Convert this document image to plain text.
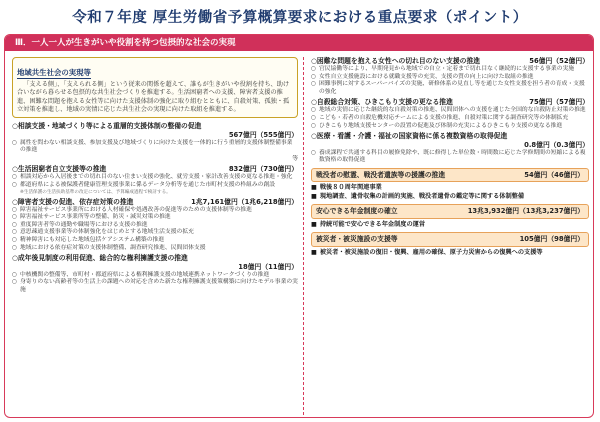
令和７年度 厚生労働省予算概算要求における重点要求（ポイント）
Ⅲ．一人一人が生きがいや役割を持つ包摂的な社会の実現
地域共生社会の実現等
「支える側」、「支えられる側」という従来の関係を超えて、誰もが生きがいや役割を持ち、助け合いながら暮らせる包摂的な共生社会づくりを推進する。生活困窮者への支援、障害者支援の推進、困難な問題を抱える女性等に向けた支援体制の強化に取り組むとともに、自殺対策、孤独・孤立対策を推進し、地域の実情に応じた共生社会の実現に向けた取組を推進する。
○相談支援・地域づくり等による重層的支援体制の整備の促進
567億円（555億円）
○ 属性を問わない相談支援、参加支援及び地域づくりに向けた支援を一体的に行う重層的支援体制整備事業の推進
等
○生活困窮者自立支援等の推進	832億円（730億円）
○ 相談対応から入居後までの切れ目のない住まい支援の強化、就労支援・家計改善支援の更なる推進・強化
○ 都道府県による被保護者健康管理支援事業に係るデータ分析等を通じた市町村支援の枠組みの創設
※生活保護の生活扶助基準の改定については、予算編成過程で検討する。
○障害者支援の促進、依存症対策の推進	1兆7,161億円（1兆6,218億円）
○ 障害福祉サービス事業所における人材確保や処遇改善の促進等のための支援体制等の推進
○ 障害福祉サービス事業所等の整備、防災・減災対策の推進
○ 重度障害者等の通勤や職場等における支援の推進
○ 意思疎通支援事業等の体制強化をはじめとする地域生活支援の拡充
○ 精神障害にも対応した地域包括ケアシステム構築の推進
○ 地域における依存症対策の支援体制整備、調査研究推進、民間団体支援
○成年後見制度の利用促進、総合的な権利擁護支援の推進
18億円（11億円）
○ 中核機関の整備等、市町村・都道府県による権利擁護支援の地域連携ネットワークづくりの推進
○ 身寄りのない高齢者等の生活上の課題への対応を含めた新たな権利擁護支援策構築に向けたモデル事業の実施
○困難な問題を抱える女性への切れ目のない支援の推進	56億円（52億円）
○ 官民協働等により、早期発見から地域での自立・定着まで切れ目なく継続的に支援する事業の実施
○ 女性自立支援施設における就職支援等の充実、支援の質の向上に向けた取組の推進
○ 困難事例に対するスーパーバイズの実施、研修体系の見直し等を通じた女性支援を担う者の育成・支援の強化
○自殺総合対策、ひきこもり支援の更なる推進	75億円（57億円）
○ 地域の実情に応じた継続的な自殺対策の推進、民間団体への支援を通じた全国的な自殺防止対策の推進
○ こども・若者の自殺危機対応チームによる支援の推進、自殺対策に関する調査研究等の体制拡充
○ ひきこもり地域支援センターの設置の促進及び体制の充実によるひきこもり支援の更なる推進
○医療・看護・介護・福祉の国家資格に係る複数資格の取得促進
0.8億円（0.3億円）
○ 養成課程で共通する科目の履修免除や、既に修得した単位数・時間数に応じた学修期間の短縮による複数資格の取得促進
戦没者の慰霊、戦没者遺族等の援護の推進	54億円（46億円）
■ 戦後８０周年関連事業
■ 現地調査、遺骨収集の計画的実施、戦没者遺骨の鑑定等に関する体制整備
安心できる年金制度の確立	13兆3,932億円（13兆3,237億円）
■ 持続可能で安心できる年金制度の運営
被災者・被災施設の支援等	105億円（98億円）
■ 被災者・被災施設の復旧・復興、雇用の確保、原子力災害からの復興への支援等
